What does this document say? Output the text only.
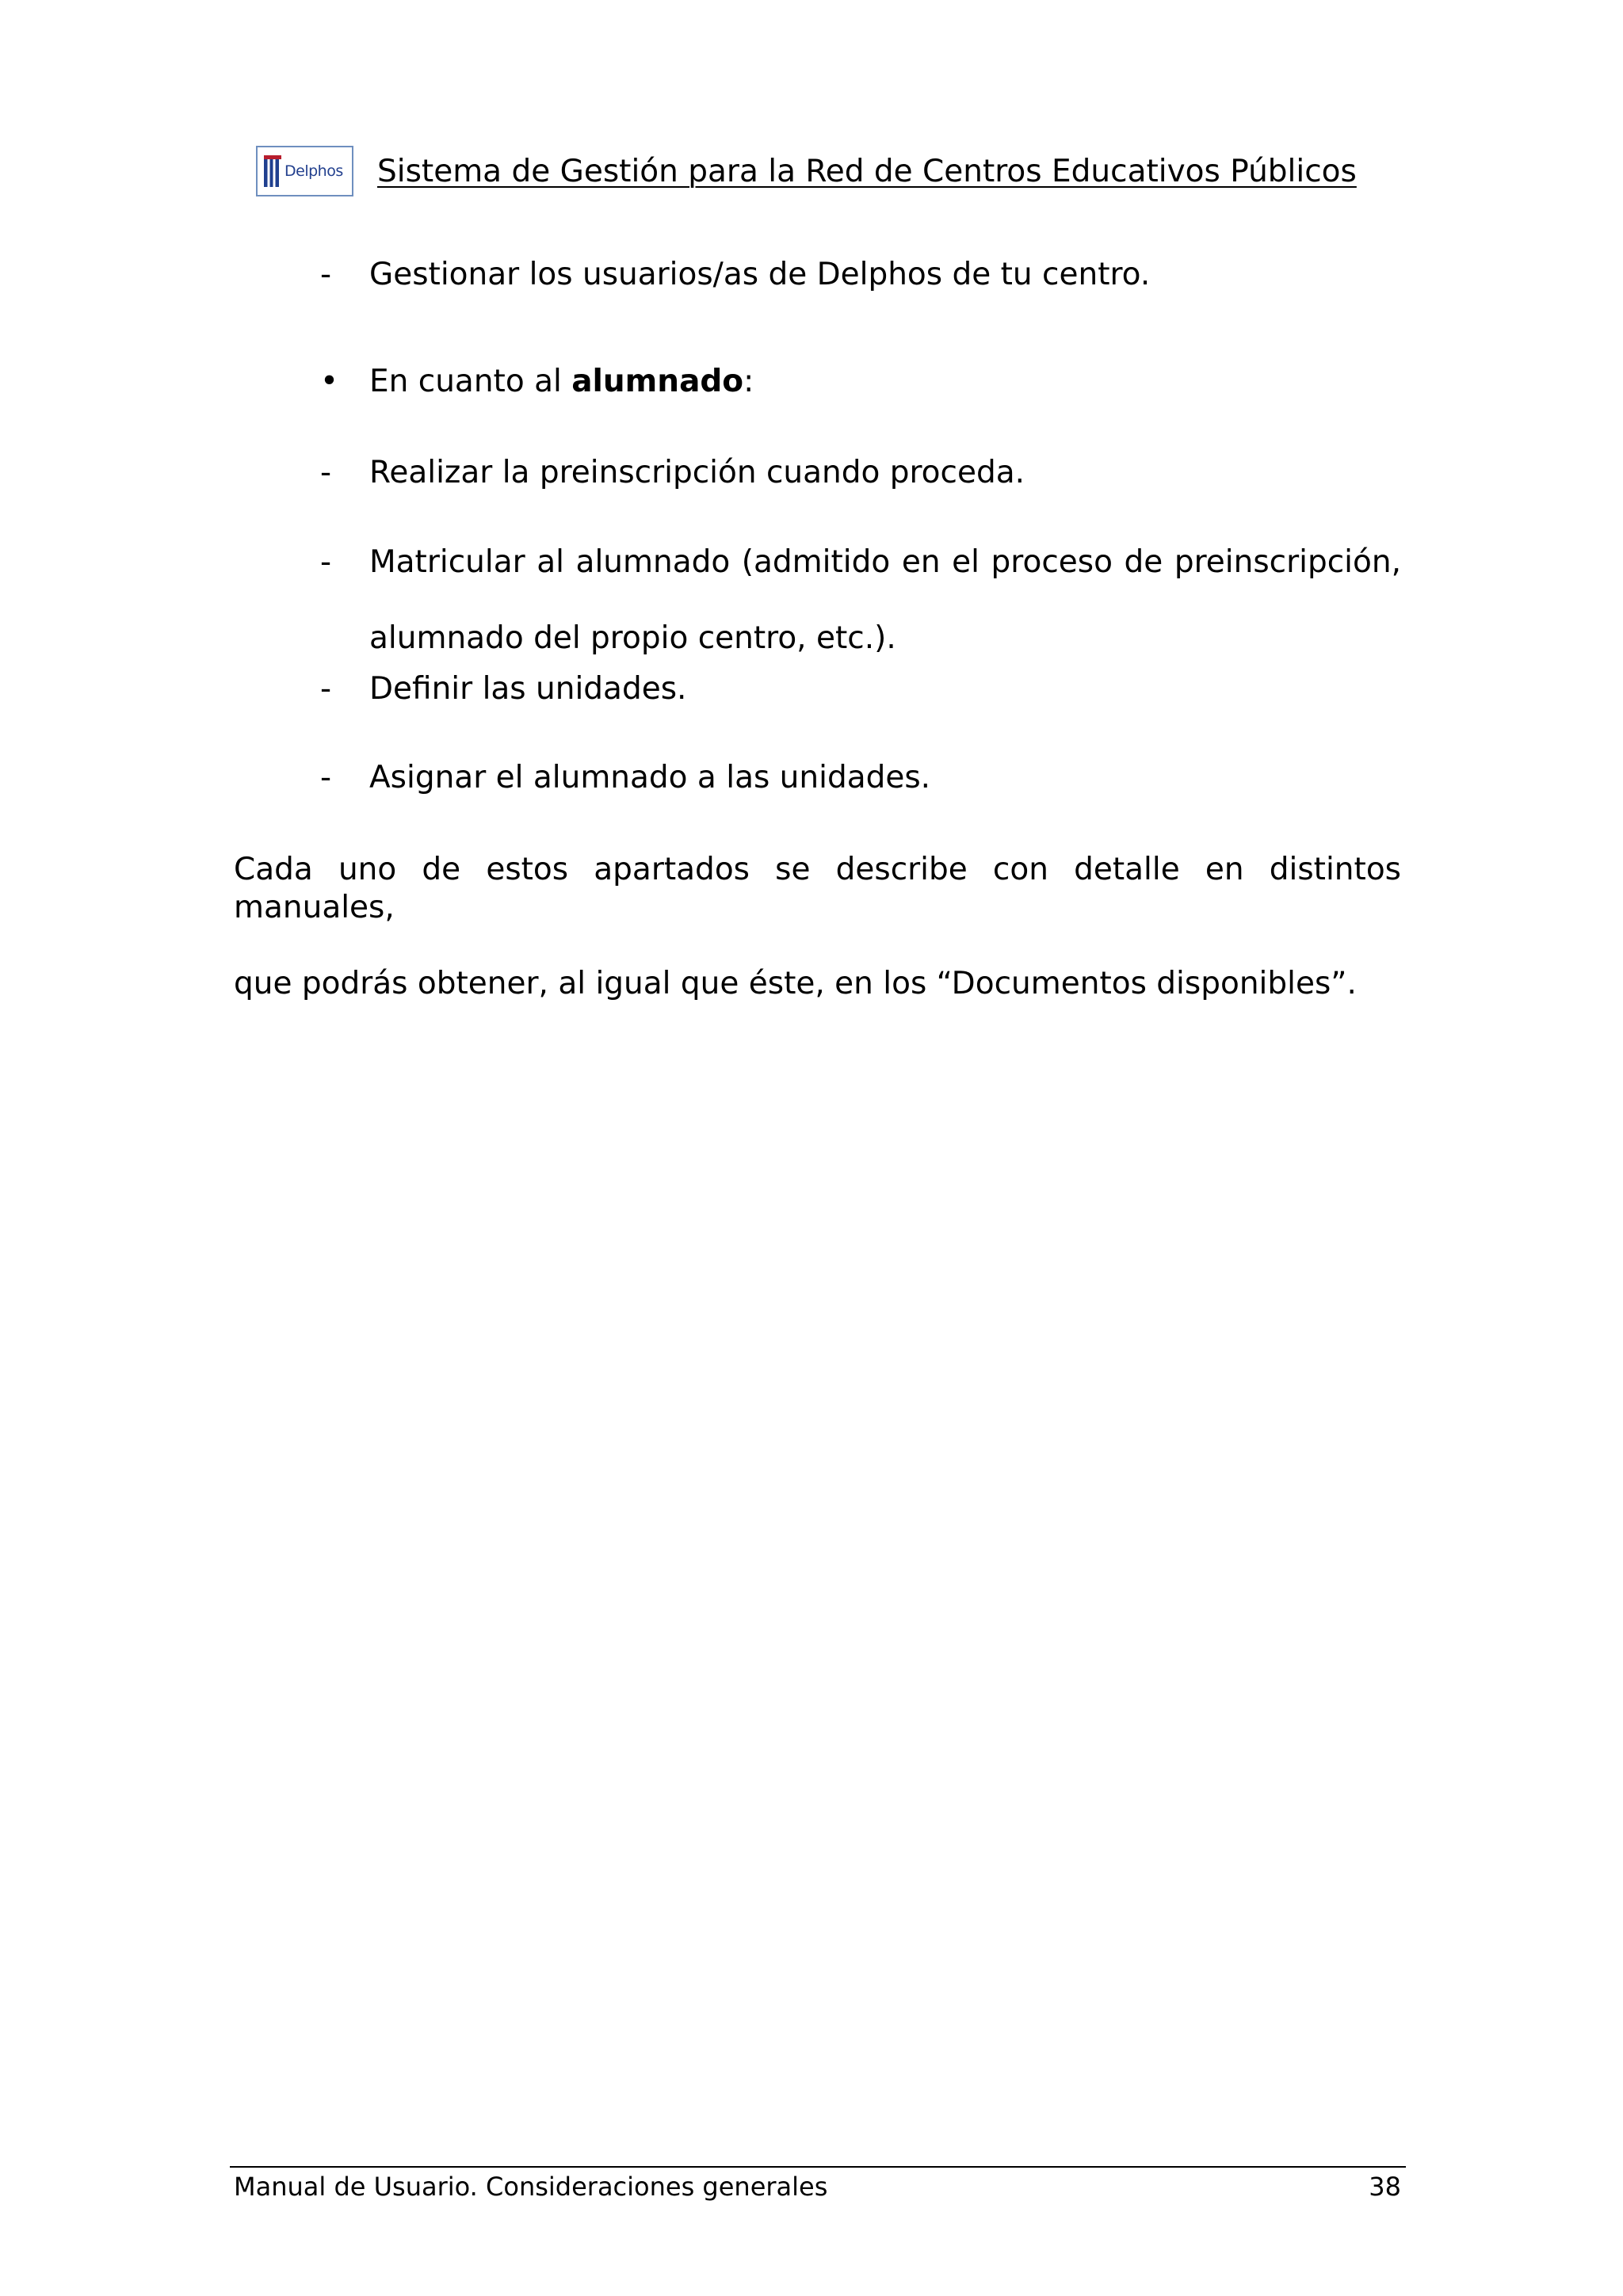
Delphos Sistema de Gestión para la Red de Centros Educativos Públicos
- Gestionar los usuarios/as de Delphos de tu centro.
• En cuanto al alumnado:
- Realizar la preinscripción cuando proceda.
- Matricular al alumnado (admitido en el proceso de preinscripción,
alumnado del propio centro, etc.).
- Definir las unidades.
- Asignar el alumnado a las unidades.
Cada uno de estos apartados se describe con detalle en distintos manuales,
que podrás obtener, al igual que éste, en los “Documentos disponibles”.
Manual de Usuario. Consideraciones generales	38
